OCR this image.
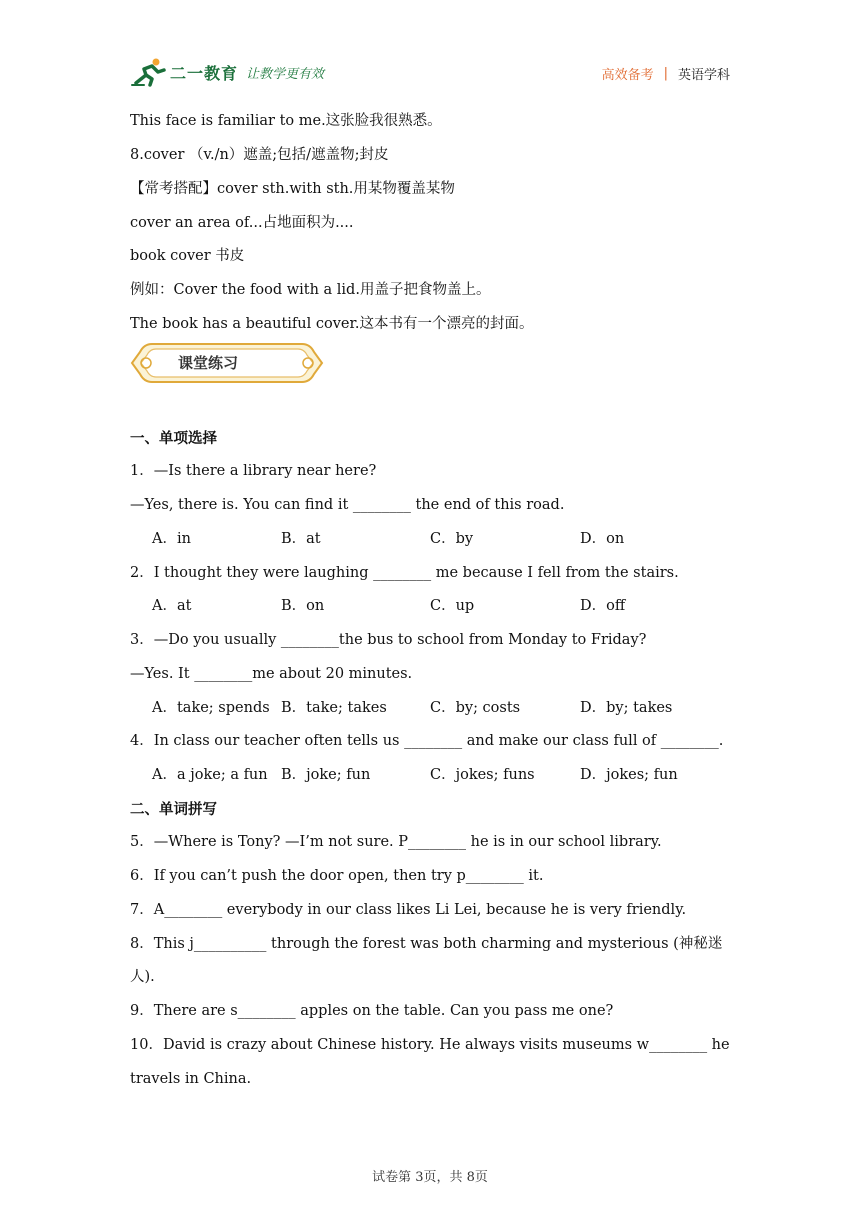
二一教育 让教学更有效	高效备考 | 英语学科
This face is familiar to me.这张脸我很熟悉。
8.cover （v./n）遮盖;包括/遮盖物;封皮
【常考搭配】cover sth.with sth.用某物覆盖某物
cover an area of...占地面积为....
book cover 书皮
例如：Cover the food with a lid.用盖子把食物盖上。
The book has a beautiful cover.这本书有一个漂亮的封面。
课堂练习
一、单项选择
1．—Is there a library near here?
—Yes, there is. You can find it ________ the end of this road.
A．in	B．at	C．by	D．on
2．I thought they were laughing ________ me because I fell from the stairs.
A．at	B．on	C．up	D．off
3．—Do you usually ________the bus to school from Monday to Friday?
—Yes. It ________me about 20 minutes.
A．take; spends B．take; takes	C．by; costs	D．by; takes
4．In class our teacher often tells us ________ and make our class full of ________.
A．a joke; a fun B．joke; fun	C．jokes; funs	D．jokes; fun
二、单词拼写
5．—Where is Tony? —I’m not sure. P________ he is in our school library.
6．If you can’t push the door open, then try p________ it.
7．A________ everybody in our class likes Li Lei, because he is very friendly.
8．This j__________ through the forest was both charming and mysterious (神秘迷
人).
9．There are s________ apples on the table. Can you pass me one?
10．David is crazy about Chinese history. He always visits museums w________ he
travels in China.
试卷第 3页，共 8页
